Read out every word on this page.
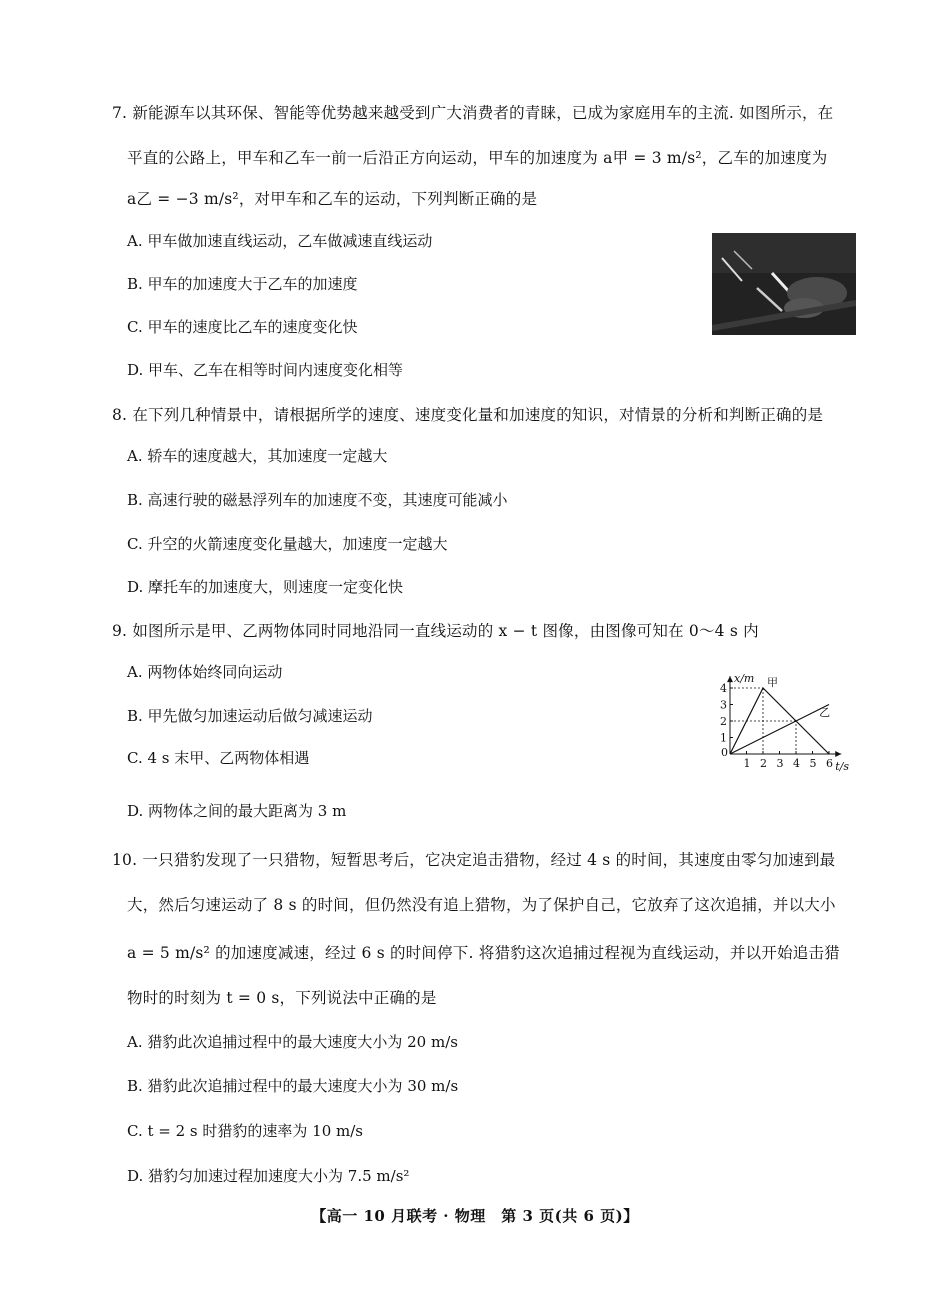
7. 新能源车以其环保、智能等优势越来越受到广大消费者的青睐，已成为家庭用车的主流. 如图所示，在
平直的公路上，甲车和乙车一前一后沿正方向运动，甲车的加速度为 a甲 = 3 m/s²，乙车的加速度为
a乙 = −3 m/s²，对甲车和乙车的运动，下列判断正确的是
A. 甲车做加速直线运动，乙车做减速直线运动
B. 甲车的加速度大于乙车的加速度
C. 甲车的速度比乙车的速度变化快
D. 甲车、乙车在相等时间内速度变化相等
8. 在下列几种情景中，请根据所学的速度、速度变化量和加速度的知识，对情景的分析和判断正确的是
A. 轿车的速度越大，其加速度一定越大
B. 高速行驶的磁悬浮列车的加速度不变，其速度可能减小
C. 升空的火箭速度变化量越大，加速度一定越大
D. 摩托车的加速度大，则速度一定变化快
9. 如图所示是甲、乙两物体同时同地沿同一直线运动的 x − t 图像，由图像可知在 0～4 s 内
A. 两物体始终同向运动
B. 甲先做匀加速运动后做匀减速运动
C. 4 s 末甲、乙两物体相遇
D. 两物体之间的最大距离为 3 m
0
1 2 3 4 5 6
1
2
3
4	甲
乙
x/m
t/s
10. 一只猎豹发现了一只猎物，短暂思考后，它决定追击猎物，经过 4 s 的时间，其速度由零匀加速到最
大，然后匀速运动了 8 s 的时间，但仍然没有追上猎物，为了保护自己，它放弃了这次追捕，并以大小
a = 5 m/s² 的加速度减速，经过 6 s 的时间停下. 将猎豹这次追捕过程视为直线运动，并以开始追击猎
物时的时刻为 t = 0 s，下列说法中正确的是
A. 猎豹此次追捕过程中的最大速度大小为 20 m/s
B. 猎豹此次追捕过程中的最大速度大小为 30 m/s
C. t = 2 s 时猎豹的速率为 10 m/s
D. 猎豹匀加速过程加速度大小为 7.5 m/s²
【高一 10 月联考 · 物理　第 3 页(共 6 页)】
